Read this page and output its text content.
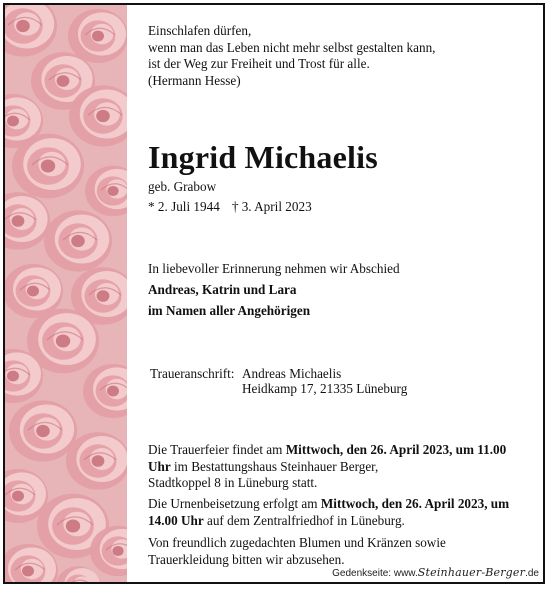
Einschlafen dürfen,
wenn man das Leben nicht mehr selbst gestalten kann,
ist der Weg zur Freiheit und Trost für alle.
(Hermann Hesse)
Ingrid Michaelis
geb. Grabow
* 2. Juli 1944 † 3. April 2023
In liebevoller Erinnerung nehmen wir Abschied
Andreas, Katrin und Lara
im Namen aller Angehörigen
Traueranschrift: Andreas Michaelis
Heidkamp 17, 21335 Lüneburg
Die Trauerfeier findet am Mittwoch, den 26. April 2023, um 11.00
Uhr im Bestattungshaus Steinhauer Berger,
Stadtkoppel 8 in Lüneburg statt.
Die Urnenbeisetzung erfolgt am Mittwoch, den 26. April 2023, um
14.00 Uhr auf dem Zentralfriedhof in Lüneburg.
Von freundlich zugedachten Blumen und Kränzen sowie
Trauerkleidung bitten wir abzusehen.
Gedenkseite: www.Steinhauer-Berger.de
